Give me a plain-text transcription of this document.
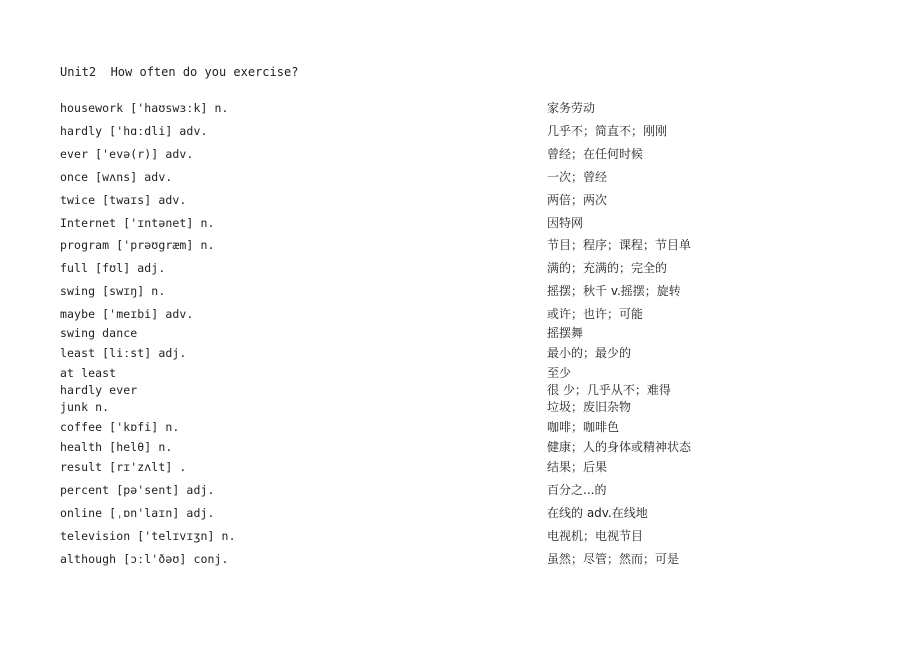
Unit2  How often do you exercise?
housework ['haʊswɜːk] n.	家务劳动
hardly ['hɑːdli] adv.	几乎不；简直不；刚刚
ever ['evə(r)] adv.	曾经；在任何时候
once [wʌns] adv.	一次；曾经
twice [twaɪs] adv.	两倍；两次
Internet ['ɪntənet] n.	因特网
program ['prəʊgræm] n.	节目；程序；课程；节目单
full [fʊl] adj.	满的；充满的；完全的
swing [swɪŋ] n.	摇摆；秋千 v.摇摆；旋转
maybe ['meɪbi] adv.	或许；也许；可能
swing dance	摇摆舞
least [liːst] adj.	最小的；最少的
at least	至少
hardly ever	很 少；几乎从不；难得
junk n.	垃圾；废旧杂物
coffee ['kɒfi] n.	咖啡；咖啡色
health [helθ] n.	健康；人的身体或精神状态
result [rɪ'zʌlt] .	结果；后果
percent [pə'sent] adj.	百分之...的
online [ˌɒn'laɪn] adj.	在线的 adv.在线地
television ['telɪvɪʒn] n.	电视机；电视节目
although [ɔːl'ðəʊ] conj.	虽然；尽管；然而；可是
